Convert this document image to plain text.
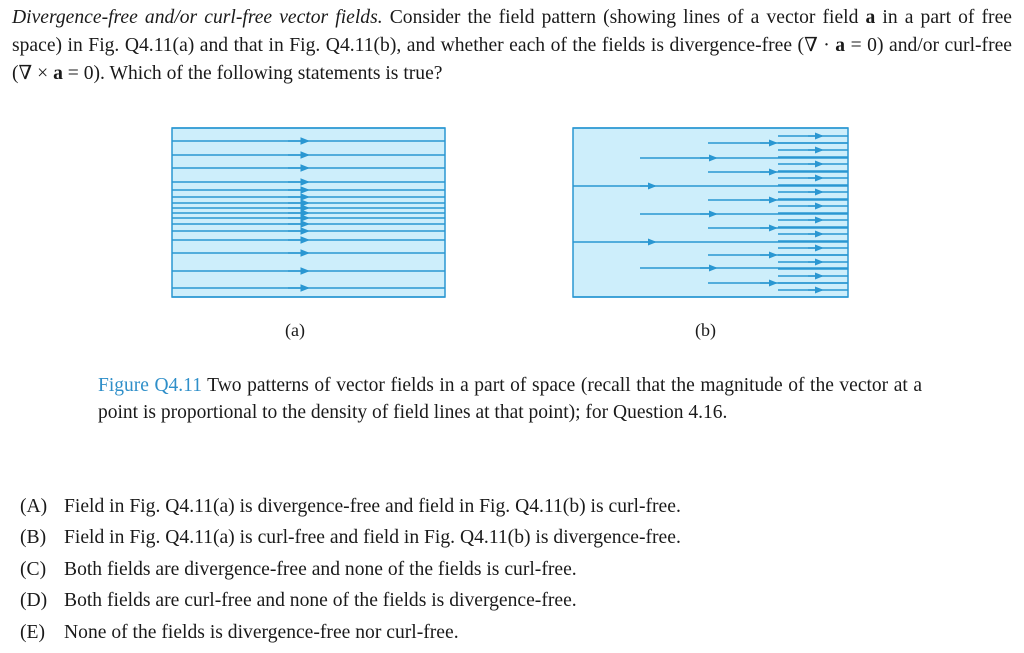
Divergence-free and/or curl-free vector fields. Consider the field pattern (showing lines of a vector field a in a part of free space) in Fig. Q4.11(a) and that in Fig. Q4.11(b), and whether each of the fields is divergence-free (∇ · a = 0) and/or curl-free (∇ × a = 0). Which of the following statements is true?

(a)	(b)

Figure Q4.11 Two patterns of vector fields in a part of space (recall that the magnitude of the vector at a point is proportional to the density of field lines at that point); for Question 4.16.

(A) Field in Fig. Q4.11(a) is divergence-free and field in Fig. Q4.11(b) is curl-free.
(B) Field in Fig. Q4.11(a) is curl-free and field in Fig. Q4.11(b) is divergence-free.
(C) Both fields are divergence-free and none of the fields is curl-free.
(D) Both fields are curl-free and none of the fields is divergence-free.
(E) None of the fields is divergence-free nor curl-free.
